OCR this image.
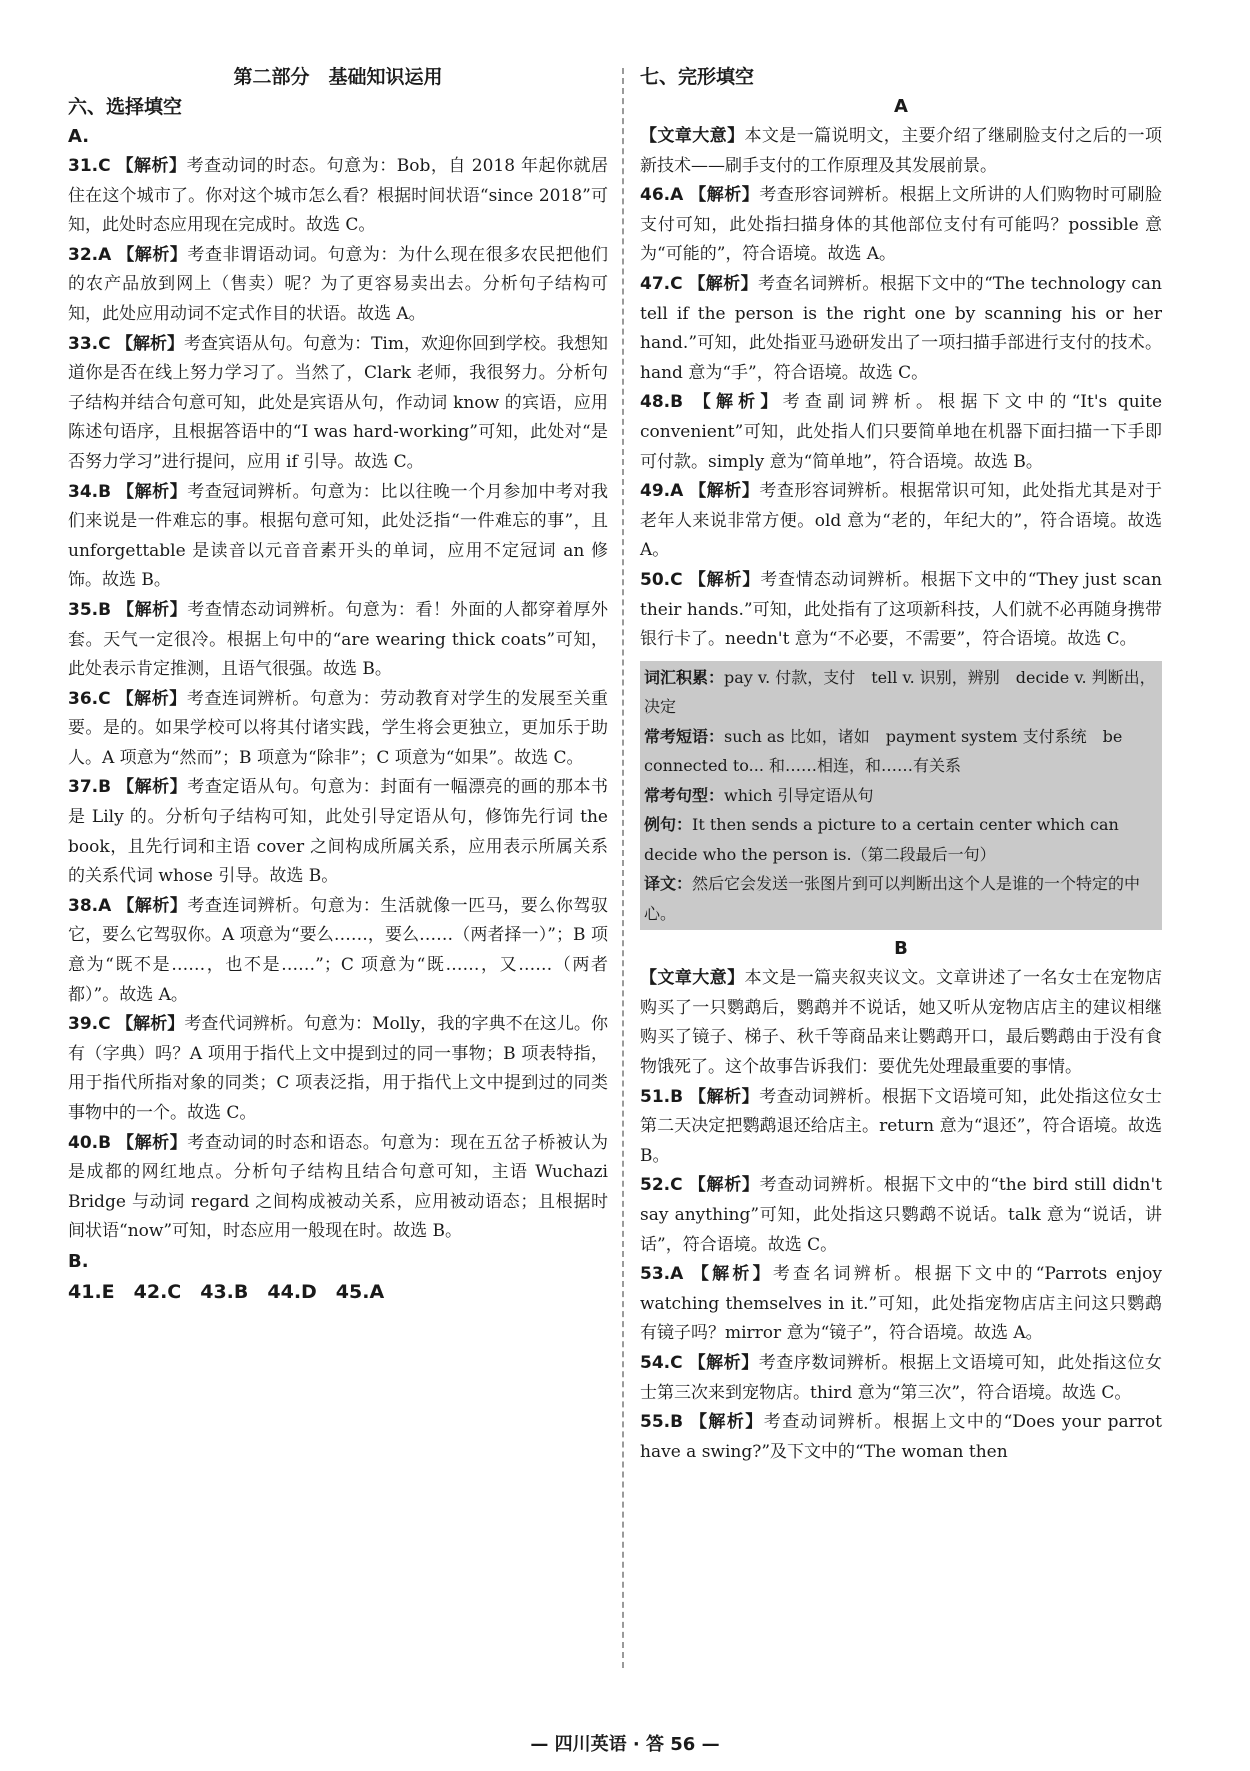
第二部分　基础知识运用
六、选择填空
A.

31.C 【解析】考查动词的时态。句意为：Bob，自 2018 年起你就居住在这个城市了。你对这个城市怎么看？根据时间状语“since 2018”可知，此处时态应用现在完成时。故选 C。

32.A 【解析】考查非谓语动词。句意为：为什么现在很多农民把他们的农产品放到网上（售卖）呢？为了更容易卖出去。分析句子结构可知，此处应用动词不定式作目的状语。故选 A。

33.C 【解析】考查宾语从句。句意为：Tim，欢迎你回到学校。我想知道你是否在线上努力学习了。当然了，Clark 老师，我很努力。分析句子结构并结合句意可知，此处是宾语从句，作动词 know 的宾语，应用陈述句语序，且根据答语中的“I was hard-working”可知，此处对“是否努力学习”进行提问，应用 if 引导。故选 C。

34.B 【解析】考查冠词辨析。句意为：比以往晚一个月参加中考对我们来说是一件难忘的事。根据句意可知，此处泛指“一件难忘的事”，且 unforgettable 是读音以元音音素开头的单词，应用不定冠词 an 修饰。故选 B。

35.B 【解析】考查情态动词辨析。句意为：看！外面的人都穿着厚外套。天气一定很冷。根据上句中的“are wearing thick coats”可知，此处表示肯定推测，且语气很强。故选 B。

36.C 【解析】考查连词辨析。句意为：劳动教育对学生的发展至关重要。是的。如果学校可以将其付诸实践，学生将会更独立，更加乐于助人。A 项意为“然而”；B 项意为“除非”；C 项意为“如果”。故选 C。

37.B 【解析】考查定语从句。句意为：封面有一幅漂亮的画的那本书是 Lily 的。分析句子结构可知，此处引导定语从句，修饰先行词 the book，且先行词和主语 cover 之间构成所属关系，应用表示所属关系的关系代词 whose 引导。故选 B。

38.A 【解析】考查连词辨析。句意为：生活就像一匹马，要么你驾驭它，要么它驾驭你。A 项意为“要么……，要么……（两者择一）”；B 项意为“既不是……，也不是……”；C 项意为“既……，又……（两者都）”。故选 A。

39.C 【解析】考查代词辨析。句意为：Molly，我的字典不在这儿。你有（字典）吗？A 项用于指代上文中提到过的同一事物；B 项表特指，用于指代所指对象的同类；C 项表泛指，用于指代上文中提到过的同类事物中的一个。故选 C。

40.B 【解析】考查动词的时态和语态。句意为：现在五岔子桥被认为是成都的网红地点。分析句子结构且结合句意可知，主语 Wuchazi Bridge 与动词 regard 之间构成被动关系，应用被动语态；且根据时间状语“now”可知，时态应用一般现在时。故选 B。

B.
41.E　42.C　43.B　44.D　45.A
七、完形填空
A

【文章大意】本文是一篇说明文，主要介绍了继刷脸支付之后的一项新技术——刷手支付的工作原理及其发展前景。

46.A 【解析】考查形容词辨析。根据上文所讲的人们购物时可刷脸支付可知，此处指扫描身体的其他部位支付有可能吗？possible 意为“可能的”，符合语境。故选 A。

47.C 【解析】考查名词辨析。根据下文中的“The technology can tell if the person is the right one by scanning his or her hand.”可知，此处指亚马逊研发出了一项扫描手部进行支付的技术。hand 意为“手”，符合语境。故选 C。

48.B 【解析】考查副词辨析。根据下文中的“It's quite convenient”可知，此处指人们只要简单地在机器下面扫描一下手即可付款。simply 意为“简单地”，符合语境。故选 B。

49.A 【解析】考查形容词辨析。根据常识可知，此处指尤其是对于老年人来说非常方便。old 意为“老的，年纪大的”，符合语境。故选 A。

50.C 【解析】考查情态动词辨析。根据下文中的“They just scan their hands.”可知，此处指有了这项新科技，人们就不必再随身携带银行卡了。needn't 意为“不必要，不需要”，符合语境。故选 C。

词汇积累：pay v. 付款，支付　tell v. 识别，辨别　decide v. 判断出，决定
常考短语：such as 比如，诸如　payment system 支付系统　be connected to... 和……相连，和……有关系
常考句型：which 引导定语从句
例句：It then sends a picture to a certain center which can decide who the person is.（第二段最后一句）
译文：然后它会发送一张图片到可以判断出这个人是谁的一个特定的中心。
B

【文章大意】本文是一篇夹叙夹议文。文章讲述了一名女士在宠物店购买了一只鹦鹉后，鹦鹉并不说话，她又听从宠物店店主的建议相继购买了镜子、梯子、秋千等商品来让鹦鹉开口，最后鹦鹉由于没有食物饿死了。这个故事告诉我们：要优先处理最重要的事情。

51.B 【解析】考查动词辨析。根据下文语境可知，此处指这位女士第二天决定把鹦鹉退还给店主。return 意为“退还”，符合语境。故选 B。

52.C 【解析】考查动词辨析。根据下文中的“the bird still didn't say anything”可知，此处指这只鹦鹉不说话。talk 意为“说话，讲话”，符合语境。故选 C。

53.A 【解析】考查名词辨析。根据下文中的“Parrots enjoy watching themselves in it.”可知，此处指宠物店店主问这只鹦鹉有镜子吗？mirror 意为“镜子”，符合语境。故选 A。

54.C 【解析】考查序数词辨析。根据上文语境可知，此处指这位女士第三次来到宠物店。third 意为“第三次”，符合语境。故选 C。

55.B 【解析】考查动词辨析。根据上文中的“Does your parrot have a swing?”及下文中的“The woman then

— 四川英语 · 答 56 —
